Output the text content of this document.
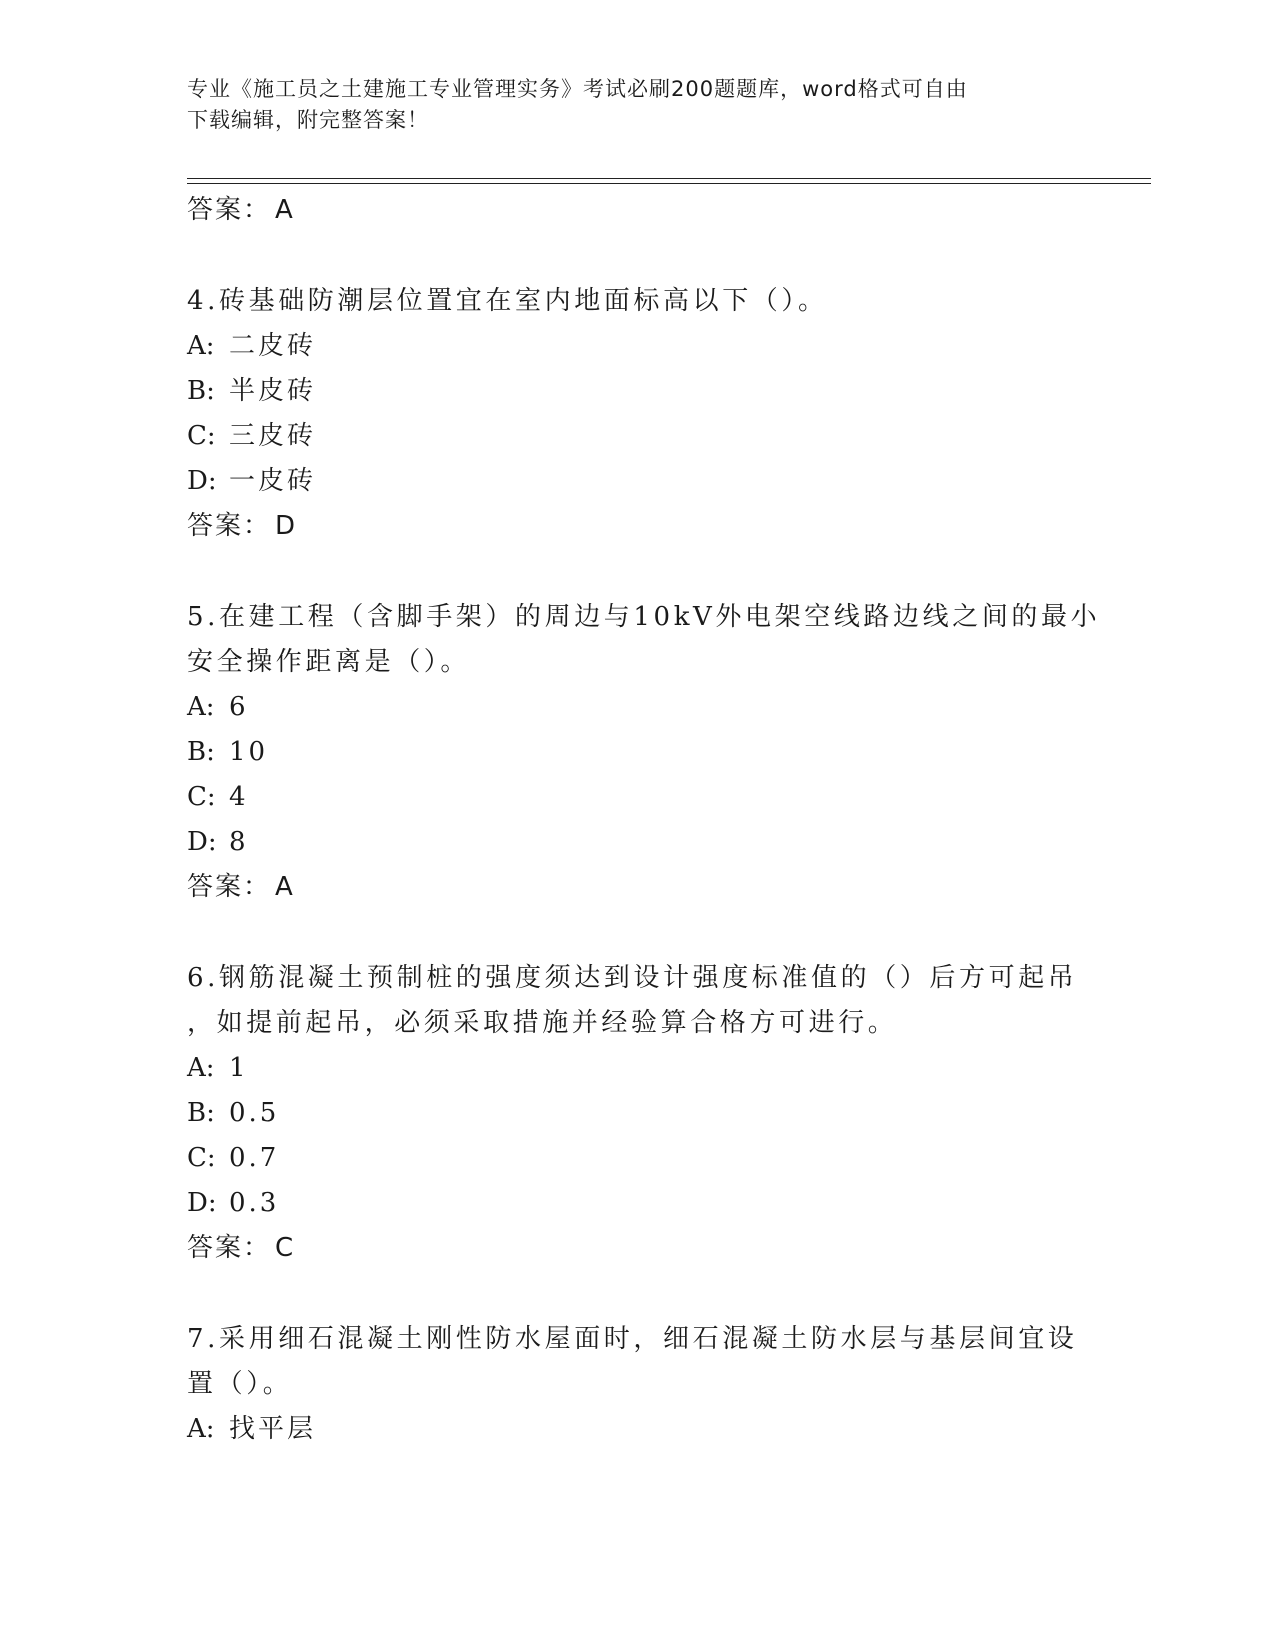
专业《施工员之土建施工专业管理实务》考试必刷200题题库，word格式可自由
下载编辑，附完整答案！
答案： A
4.砖基础防潮层位置宜在室内地面标高以下（）。
A: 二皮砖
B: 半皮砖
C: 三皮砖
D: 一皮砖
答案： D
5.在建工程（含脚手架）的周边与10kV外电架空线路边线之间的最小
安全操作距离是（）。
A: 6
B: 10
C: 4
D: 8
答案： A
6.钢筋混凝土预制桩的强度须达到设计强度标准值的（）后方可起吊
，如提前起吊，必须采取措施并经验算合格方可进行。
A: 1
B: 0.5
C: 0.7
D: 0.3
答案： C
7.采用细石混凝土刚性防水屋面时，细石混凝土防水层与基层间宜设
置（）。
A: 找平层
